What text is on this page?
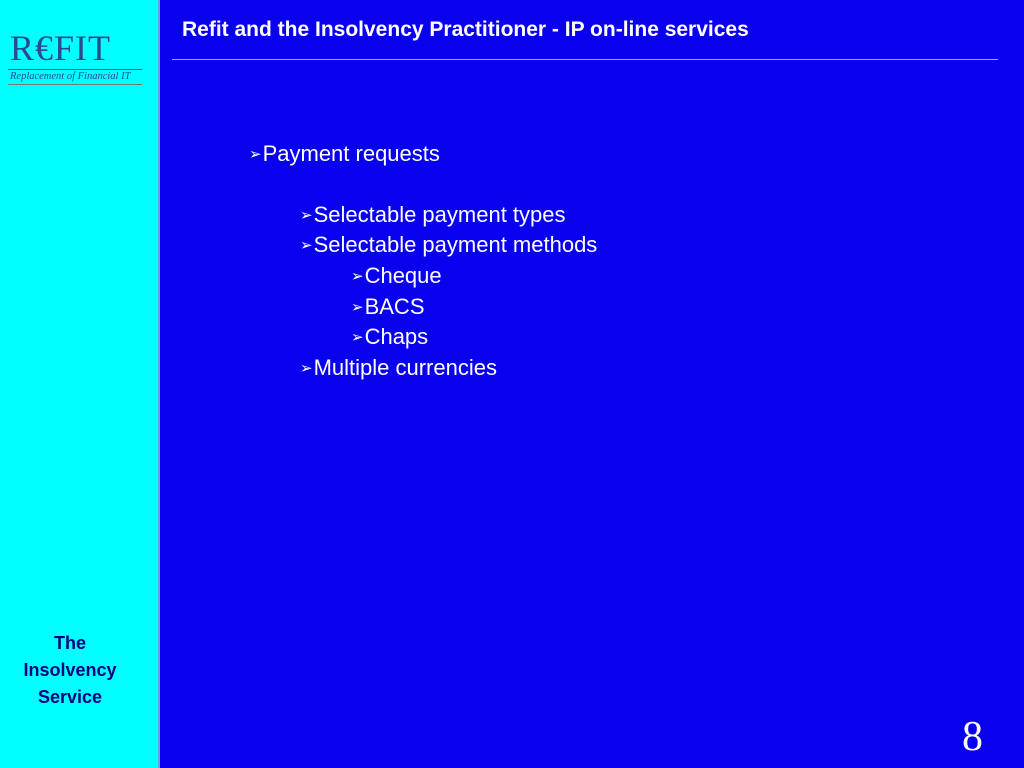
R€FIT
Replacement of Financial IT
The
Insolvency
Service
Refit and the Insolvency Practitioner - IP on-line services
➢Payment requests
➢Selectable payment types
➢Selectable payment methods
➢Cheque
➢BACS
➢Chaps
➢Multiple currencies
8
